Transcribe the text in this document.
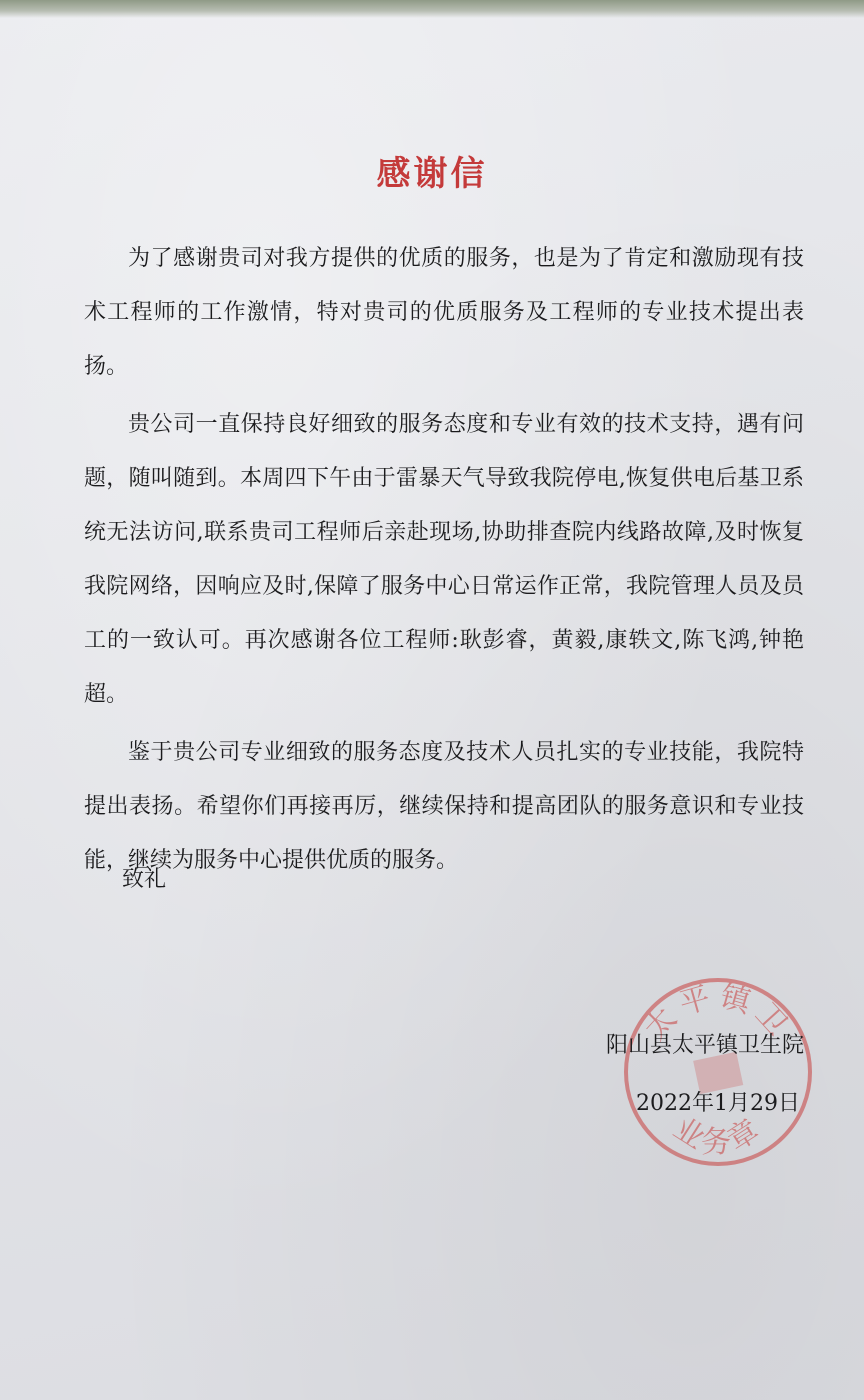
感谢信

为了感谢贵司对我方提供的优质的服务，也是为了肯定和激励现有技术工程师的工作激情，特对贵司的优质服务及工程师的专业技术提出表扬。

贵公司一直保持良好细致的服务态度和专业有效的技术支持，遇有问题，随叫随到。本周四下午由于雷暴天气导致我院停电,恢复供电后基卫系统无法访问,联系贵司工程师后亲赴现场,协助排查院内线路故障,及时恢复我院网络，因响应及时,保障了服务中心日常运作正常，我院管理人员及员工的一致认可。再次感谢各位工程师:耿彭睿，黄毅,康轶文,陈飞鸿,钟艳超。

鉴于贵公司专业细致的服务态度及技术人员扎实的专业技能，我院特提出表扬。希望你们再接再厉，继续保持和提高团队的服务意识和专业技能，继续为服务中心提供优质的服务。

致礼
太平镇卫
业务章
阳山县太平镇卫生院
2022年1月29日
